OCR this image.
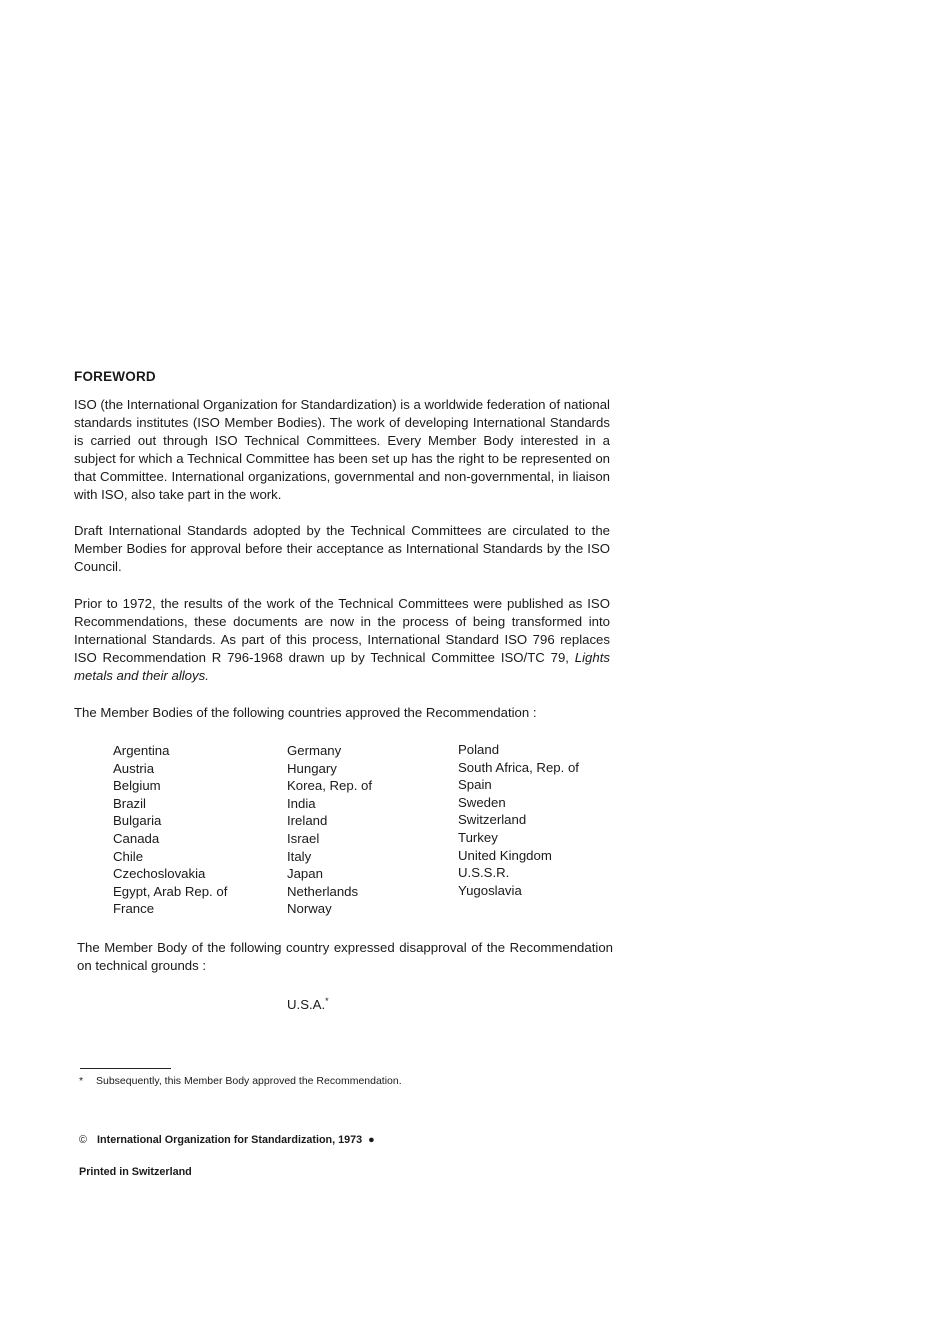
FOREWORD

ISO (the International Organization for Standardization) is a worldwide federation of national standards institutes (ISO Member Bodies). The work of developing International Standards is carried out through ISO Technical Committees. Every Member Body interested in a subject for which a Technical Committee has been set up has the right to be represented on that Committee. International organizations, governmental and non-governmental, in liaison with ISO, also take part in the work.

Draft International Standards adopted by the Technical Committees are circulated to the Member Bodies for approval before their acceptance as International Standards by the ISO Council.

Prior to 1972, the results of the work of the Technical Committees were published as ISO Recommendations, these documents are now in the process of being transformed into International Standards. As part of this process, International Standard ISO 796 replaces ISO Recommendation R 796-1968 drawn up by Technical Committee ISO/TC 79, Lights metals and their alloys.

The Member Bodies of the following countries approved the Recommendation :

Argentina
Austria
Belgium
Brazil
Bulgaria
Canada
Chile
Czechoslovakia
Egypt, Arab Rep. of
France
Germany
Hungary
Korea, Rep. of
India
Ireland
Israel
Italy
Japan
Netherlands
Norway
Poland
South Africa, Rep. of
Spain
Sweden
Switzerland
Turkey
United Kingdom
U.S.S.R.
Yugoslavia

The Member Body of the following country expressed disapproval of the Recommendation on technical grounds :

U.S.A.*
* Subsequently, this Member Body approved the Recommendation.
© International Organization for Standardization, 1973 ●
Printed in Switzerland
